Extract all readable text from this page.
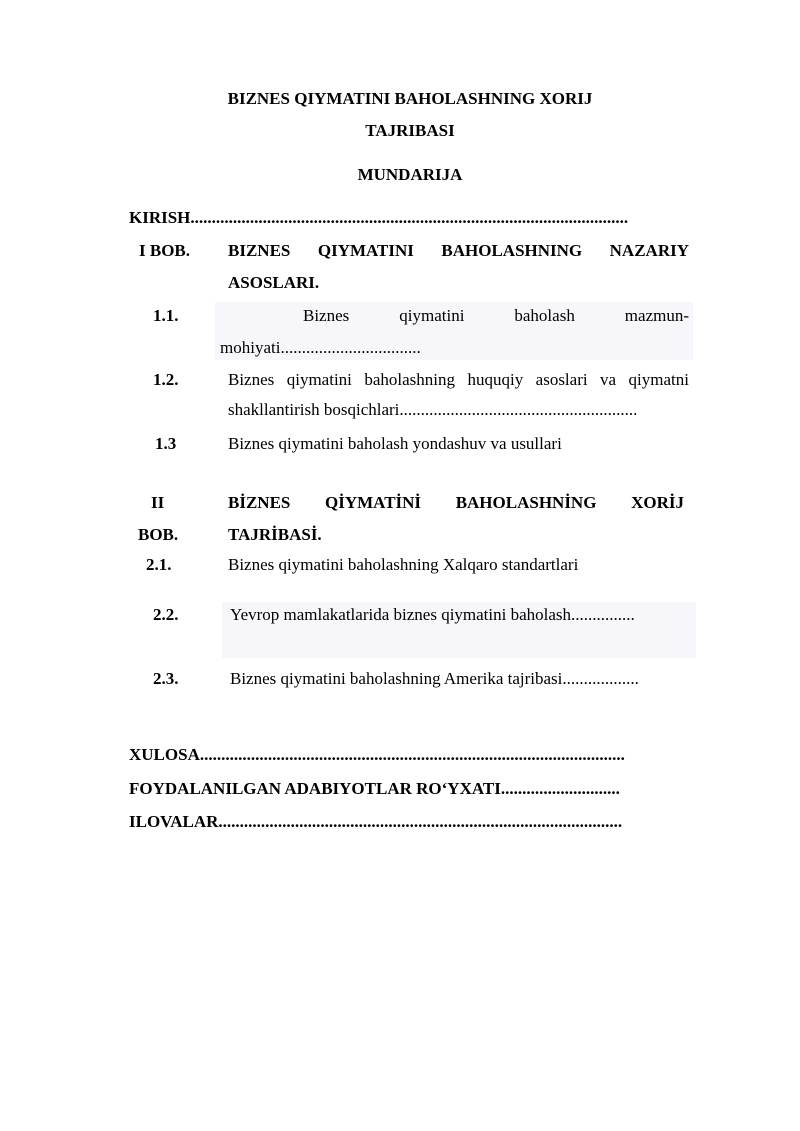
BIZNES QIYMATINI BAHOLASHNING XORIJ
TAJRIBASI
MUNDARIJA
KIRISH.......................................................................................................
I BOB. BIZNES QIYMATINI BAHOLASHNING NAZARIY
ASOSLARI.
1.1.	Biznes	qiymatini	baholash	mazmun-
mohiyati.................................
1.2.	Biznes qiymatini baholashning huquqiy asoslari va qiymatni
shakllantirish bosqichlari........................................................
1.3	Biznes qiymatini baholash yondashuv va usullari
II
BOB.
BİZNES QİYMATİNİ BAHOLASHNİNG XORİJ
TAJRİBASİ.
2.1.	Biznes qiymatini baholashning Xalqaro standartlari
2.2.	Yevrop mamlakatlarida biznes qiymatini baholash...............
2.3.	Biznes qiymatini baholashning Amerika tajribasi..................
XULOSA....................................................................................................
FOYDALANILGAN ADABIYOTLAR RO‘YXATI............................
ILOVALAR...............................................................................................
